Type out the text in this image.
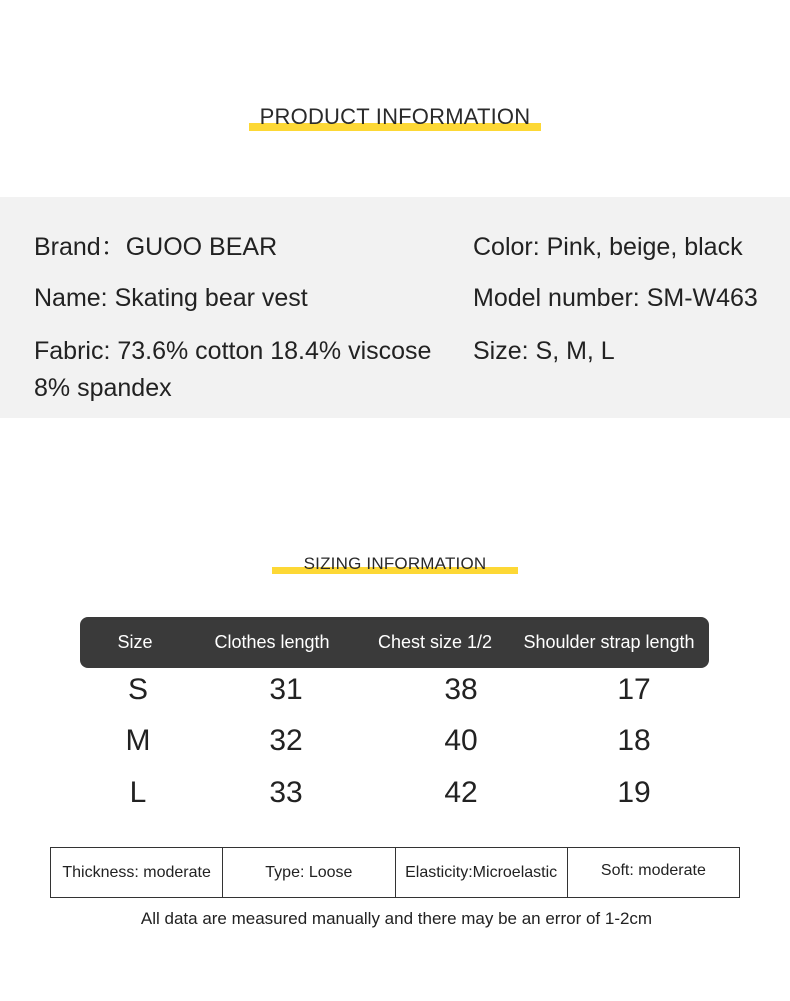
PRODUCT INFORMATION
Brand：GUOO BEAR
Name: Skating bear vest
Fabric: 73.6% cotton 18.4% viscose 8% spandex
Color: Pink, beige, black
Model number: SM-W463
Size: S, M, L
SIZING INFORMATION
Size	Clothes length	Chest size 1/2	Shoulder strap length
S	31	38	17
M	32	40	18
L	33	42	19
Thickness: moderate	Type: Loose	Elasticity:Microelastic	Soft: moderate
All data are measured manually and there may be an error of 1-2cm
